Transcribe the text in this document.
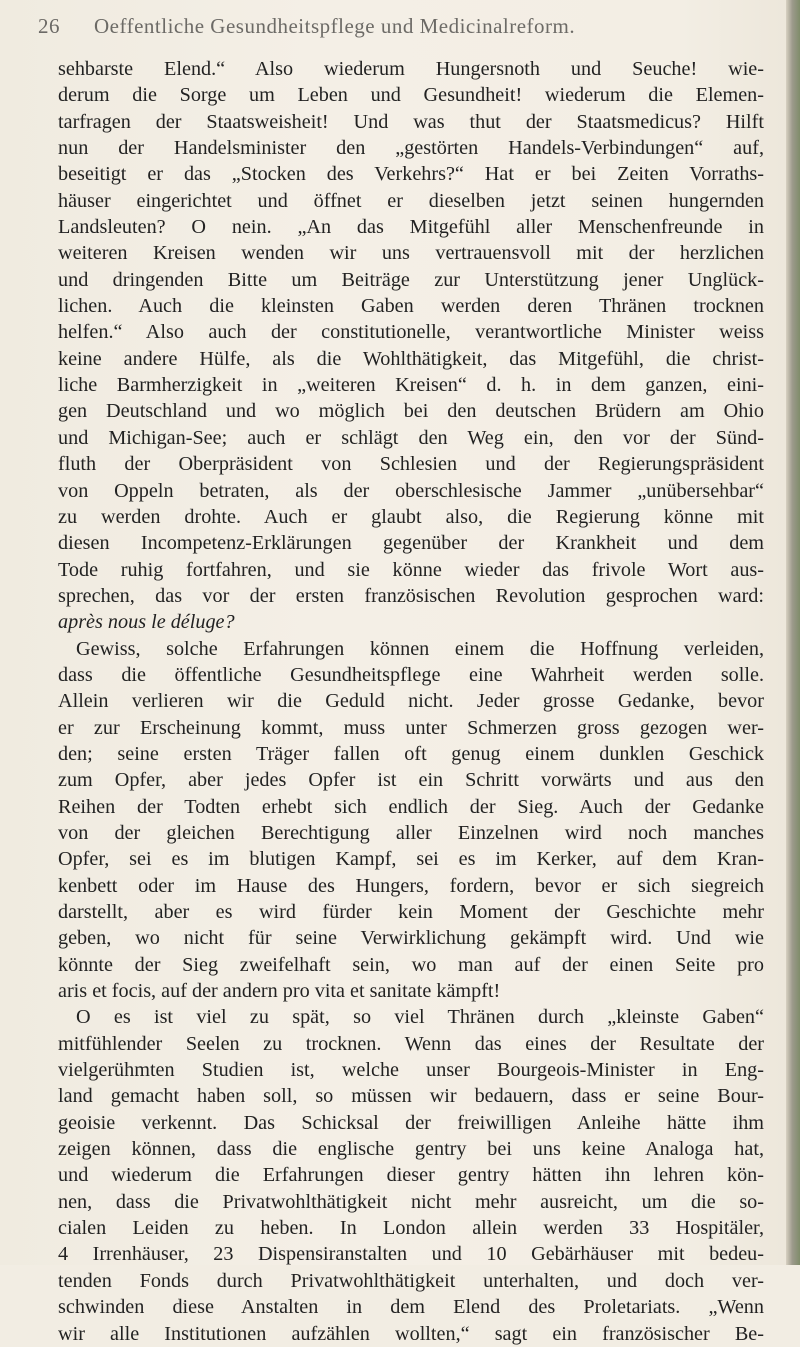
26 Oeffentliche Gesundheitspflege und Medicinalreform.
sehbarste Elend.“ Also wiederum Hungersnoth und Seuche! wie-
derum die Sorge um Leben und Gesundheit! wiederum die Elemen-
tarfragen der Staatsweisheit! Und was thut der Staatsmedicus? Hilft
nun der Handelsminister den „gestörten Handels-Verbindungen“ auf,
beseitigt er das „Stocken des Verkehrs?“ Hat er bei Zeiten Vorraths-
häuser eingerichtet und öffnet er dieselben jetzt seinen hungernden
Landsleuten? O nein. „An das Mitgefühl aller Menschenfreunde in
weiteren Kreisen wenden wir uns vertrauensvoll mit der herzlichen
und dringenden Bitte um Beiträge zur Unterstützung jener Unglück-
lichen. Auch die kleinsten Gaben werden deren Thränen trocknen
helfen.“ Also auch der constitutionelle, verantwortliche Minister weiss
keine andere Hülfe, als die Wohlthätigkeit, das Mitgefühl, die christ-
liche Barmherzigkeit in „weiteren Kreisen“ d. h. in dem ganzen, eini-
gen Deutschland und wo möglich bei den deutschen Brüdern am Ohio
und Michigan-See; auch er schlägt den Weg ein, den vor der Sünd-
fluth der Oberpräsident von Schlesien und der Regierungspräsident
von Oppeln betraten, als der oberschlesische Jammer „unübersehbar“
zu werden drohte. Auch er glaubt also, die Regierung könne mit
diesen Incompetenz-Erklärungen gegenüber der Krankheit und dem
Tode ruhig fortfahren, und sie könne wieder das frivole Wort aus-
sprechen, das vor der ersten französischen Revolution gesprochen ward:
après nous le déluge?
Gewiss, solche Erfahrungen können einem die Hoffnung verleiden,
dass die öffentliche Gesundheitspflege eine Wahrheit werden solle.
Allein verlieren wir die Geduld nicht. Jeder grosse Gedanke, bevor
er zur Erscheinung kommt, muss unter Schmerzen gross gezogen wer-
den; seine ersten Träger fallen oft genug einem dunklen Geschick
zum Opfer, aber jedes Opfer ist ein Schritt vorwärts und aus den
Reihen der Todten erhebt sich endlich der Sieg. Auch der Gedanke
von der gleichen Berechtigung aller Einzelnen wird noch manches
Opfer, sei es im blutigen Kampf, sei es im Kerker, auf dem Kran-
kenbett oder im Hause des Hungers, fordern, bevor er sich siegreich
darstellt, aber es wird fürder kein Moment der Geschichte mehr
geben, wo nicht für seine Verwirklichung gekämpft wird. Und wie
könnte der Sieg zweifelhaft sein, wo man auf der einen Seite pro
aris et focis, auf der andern pro vita et sanitate kämpft!
O es ist viel zu spät, so viel Thränen durch „kleinste Gaben“
mitfühlender Seelen zu trocknen. Wenn das eines der Resultate der
vielgerühmten Studien ist, welche unser Bourgeois-Minister in Eng-
land gemacht haben soll, so müssen wir bedauern, dass er seine Bour-
geoisie verkennt. Das Schicksal der freiwilligen Anleihe hätte ihm
zeigen können, dass die englische gentry bei uns keine Analoga hat,
und wiederum die Erfahrungen dieser gentry hätten ihn lehren kön-
nen, dass die Privatwohlthätigkeit nicht mehr ausreicht, um die so-
cialen Leiden zu heben. In London allein werden 33 Hospitäler,
4 Irrenhäuser, 23 Dispensiranstalten und 10 Gebärhäuser mit bedeu-
tenden Fonds durch Privatwohlthätigkeit unterhalten, und doch ver-
schwinden diese Anstalten in dem Elend des Proletariats. „Wenn
wir alle Institutionen aufzählen wollten,“ sagt ein französischer Be-
